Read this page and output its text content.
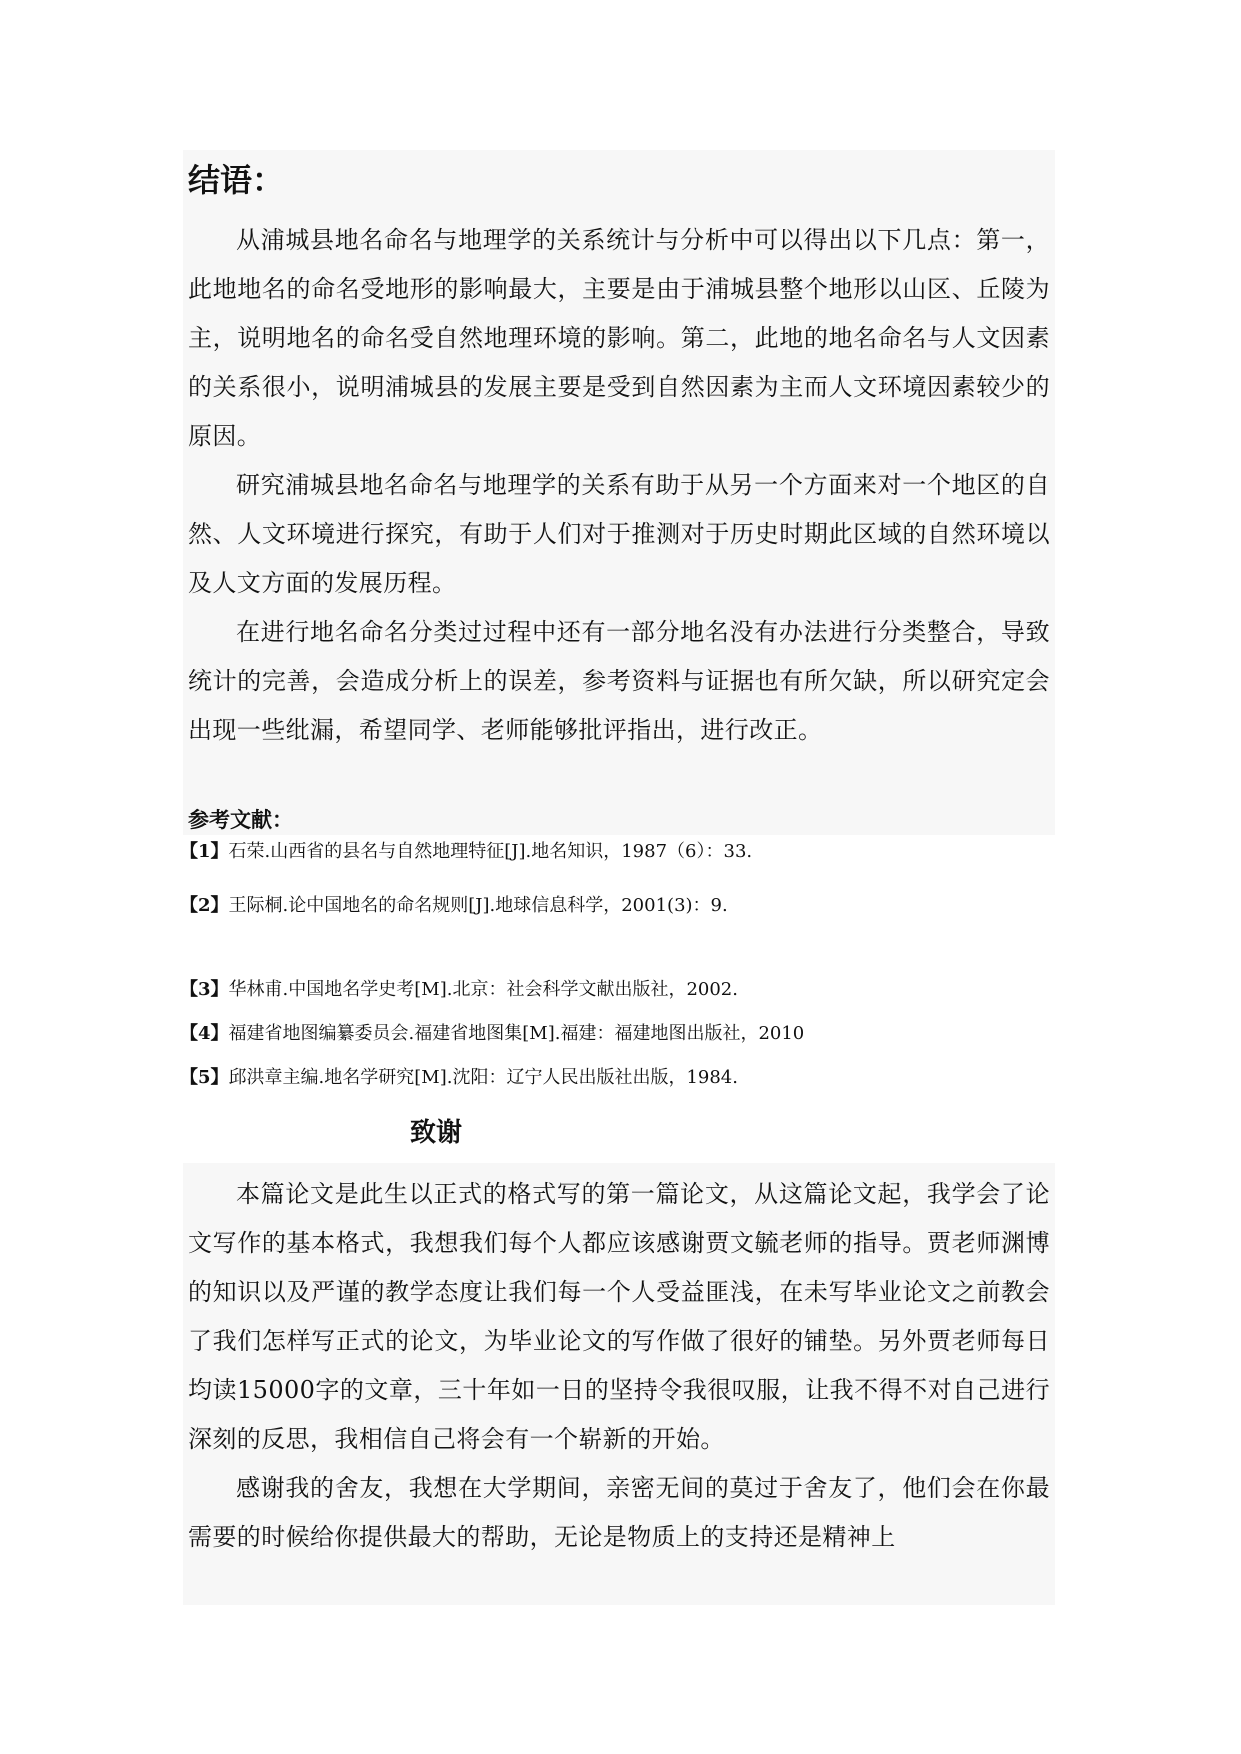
结语：

从浦城县地名命名与地理学的关系统计与分析中可以得出以下几点：第一，此地地名的命名受地形的影响最大，主要是由于浦城县整个地形以山区、丘陵为主，说明地名的命名受自然地理环境的影响。第二，此地的地名命名与人文因素的关系很小，说明浦城县的发展主要是受到自然因素为主而人文环境因素较少的原因。

研究浦城县地名命名与地理学的关系有助于从另一个方面来对一个地区的自然、人文环境进行探究，有助于人们对于推测对于历史时期此区域的自然环境以及人文方面的发展历程。

在进行地名命名分类过过程中还有一部分地名没有办法进行分类整合，导致统计的完善，会造成分析上的误差，参考资料与证据也有所欠缺，所以研究定会出现一些纰漏，希望同学、老师能够批评指出，进行改正。

参考文献：
【1】石荣.山西省的县名与自然地理特征[J].地名知识，1987（6）：33.
【2】王际桐.论中国地名的命名规则[J].地球信息科学，2001(3)：9.
【3】华林甫.中国地名学史考[M].北京：社会科学文献出版社，2002.
【4】福建省地图编纂委员会.福建省地图集[M].福建：福建地图出版社，2010
【5】邱洪章主编.地名学研究[M].沈阳：辽宁人民出版社出版，1984.
致谢

本篇论文是此生以正式的格式写的第一篇论文，从这篇论文起，我学会了论文写作的基本格式，我想我们每个人都应该感谢贾文毓老师的指导。贾老师渊博的知识以及严谨的教学态度让我们每一个人受益匪浅，在未写毕业论文之前教会了我们怎样写正式的论文，为毕业论文的写作做了很好的铺垫。另外贾老师每日均读15000字的文章，三十年如一日的坚持令我很叹服，让我不得不对自己进行深刻的反思，我相信自己将会有一个崭新的开始。

感谢我的舍友，我想在大学期间，亲密无间的莫过于舍友了，他们会在你最需要的时候给你提供最大的帮助，无论是物质上的支持还是精神上
